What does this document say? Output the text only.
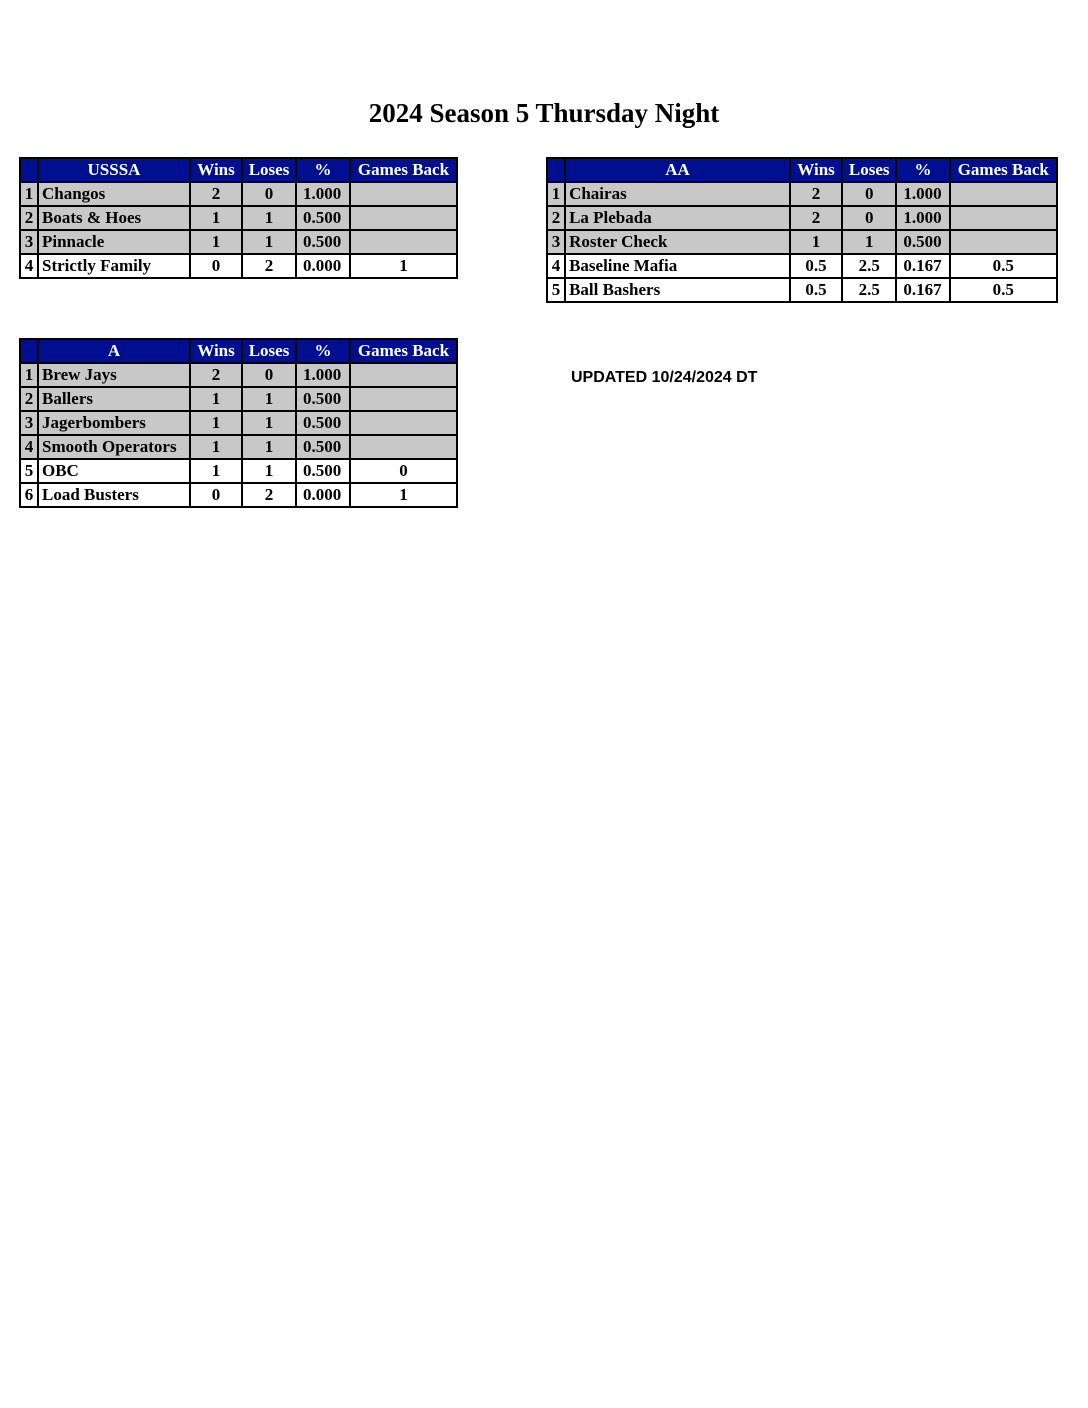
2024 Season 5 Thursday Night
	USSSA	Wins	Loses	%	Games Back
1	Changos	2	0	1.000	
2	Boats & Hoes	1	1	0.500	
3	Pinnacle	1	1	0.500	
4	Strictly Family	0	2	0.000	1
	AA	Wins	Loses	%	Games Back
1	Chairas	2	0	1.000	
2	La Plebada	2	0	1.000	
3	Roster Check	1	1	0.500	
4	Baseline Mafia	0.5	2.5	0.167	0.5
5	Ball Bashers	0.5	2.5	0.167	0.5
	A	Wins	Loses	%	Games Back
1	Brew Jays	2	0	1.000	
2	Ballers	1	1	0.500	
3	Jagerbombers	1	1	0.500	
4	Smooth Operators	1	1	0.500	
5	OBC	1	1	0.500	0
6	Load Busters	0	2	0.000	1
UPDATED 10/24/2024 DT
